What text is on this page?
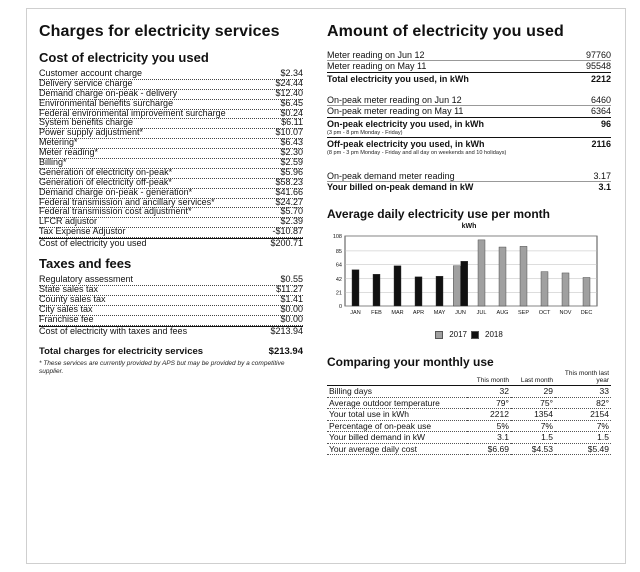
Charges for electricity services
Cost of electricity you used
Customer account charge	$2.34
Delivery service charge	$24.44
Demand charge on-peak - delivery	$12.40
Environmental benefits surcharge	$6.45
Federal environmental improvement surcharge	$0.24
System benefits charge	$6.11
Power supply adjustment*	$10.07
Metering*	$6.43
Meter reading*	$2.30
Billing*	$2.59
Generation of electricity on-peak*	$5.96
Generation of electricity off-peak*	$58.23
Demand charge on-peak - generation*	$41.66
Federal transmission and ancillary services*	$24.27
Federal transmission cost adjustment*	$5.70
LFCR adjustor	$2.39
Tax Expense Adjustor	-$10.87
Cost of electricity you used	$200.71
Taxes and fees
Regulatory assessment	$0.55
State sales tax	$11.27
County sales tax	$1.41
City sales tax	$0.00
Franchise fee	$0.00
Cost of electricity with taxes and fees	$213.94
Total charges for electricity services	$213.94
* These services are currently provided by APS but may be provided by a competitive supplier.
Amount of electricity you used
Meter reading on Jun 12	97760
Meter reading on May 11	95548
Total electricity you used, in kWh	2212
On-peak meter reading on Jun 12	6460
On-peak meter reading on May 11	6364
On-peak electricity you used, in kWh	96
(3 pm - 8 pm Monday - Friday)
Off-peak electricity you used, in kWh	2116
(8 pm - 3 pm Monday - Friday and all day on weekends and 10 holidays)
On-peak demand meter reading	3.17
Your billed on-peak demand in kW	3.1
Average daily electricity use per month
kWh
0
21
42
64
85
108
JAN FEB MAR APR MAY JUN JUL AUG SEP OCT NOV DEC
2017 2018
Comparing your monthly use
	This month	Last month	This month last year
Billing days	32	29	33
Average outdoor temperature	79°	75°	82°
Your total use in kWh	2212	1354	2154
Percentage of on-peak use	5%	7%	7%
Your billed demand in kW	3.1	1.5	1.5
Your average daily cost	$6.69	$4.53	$5.49
